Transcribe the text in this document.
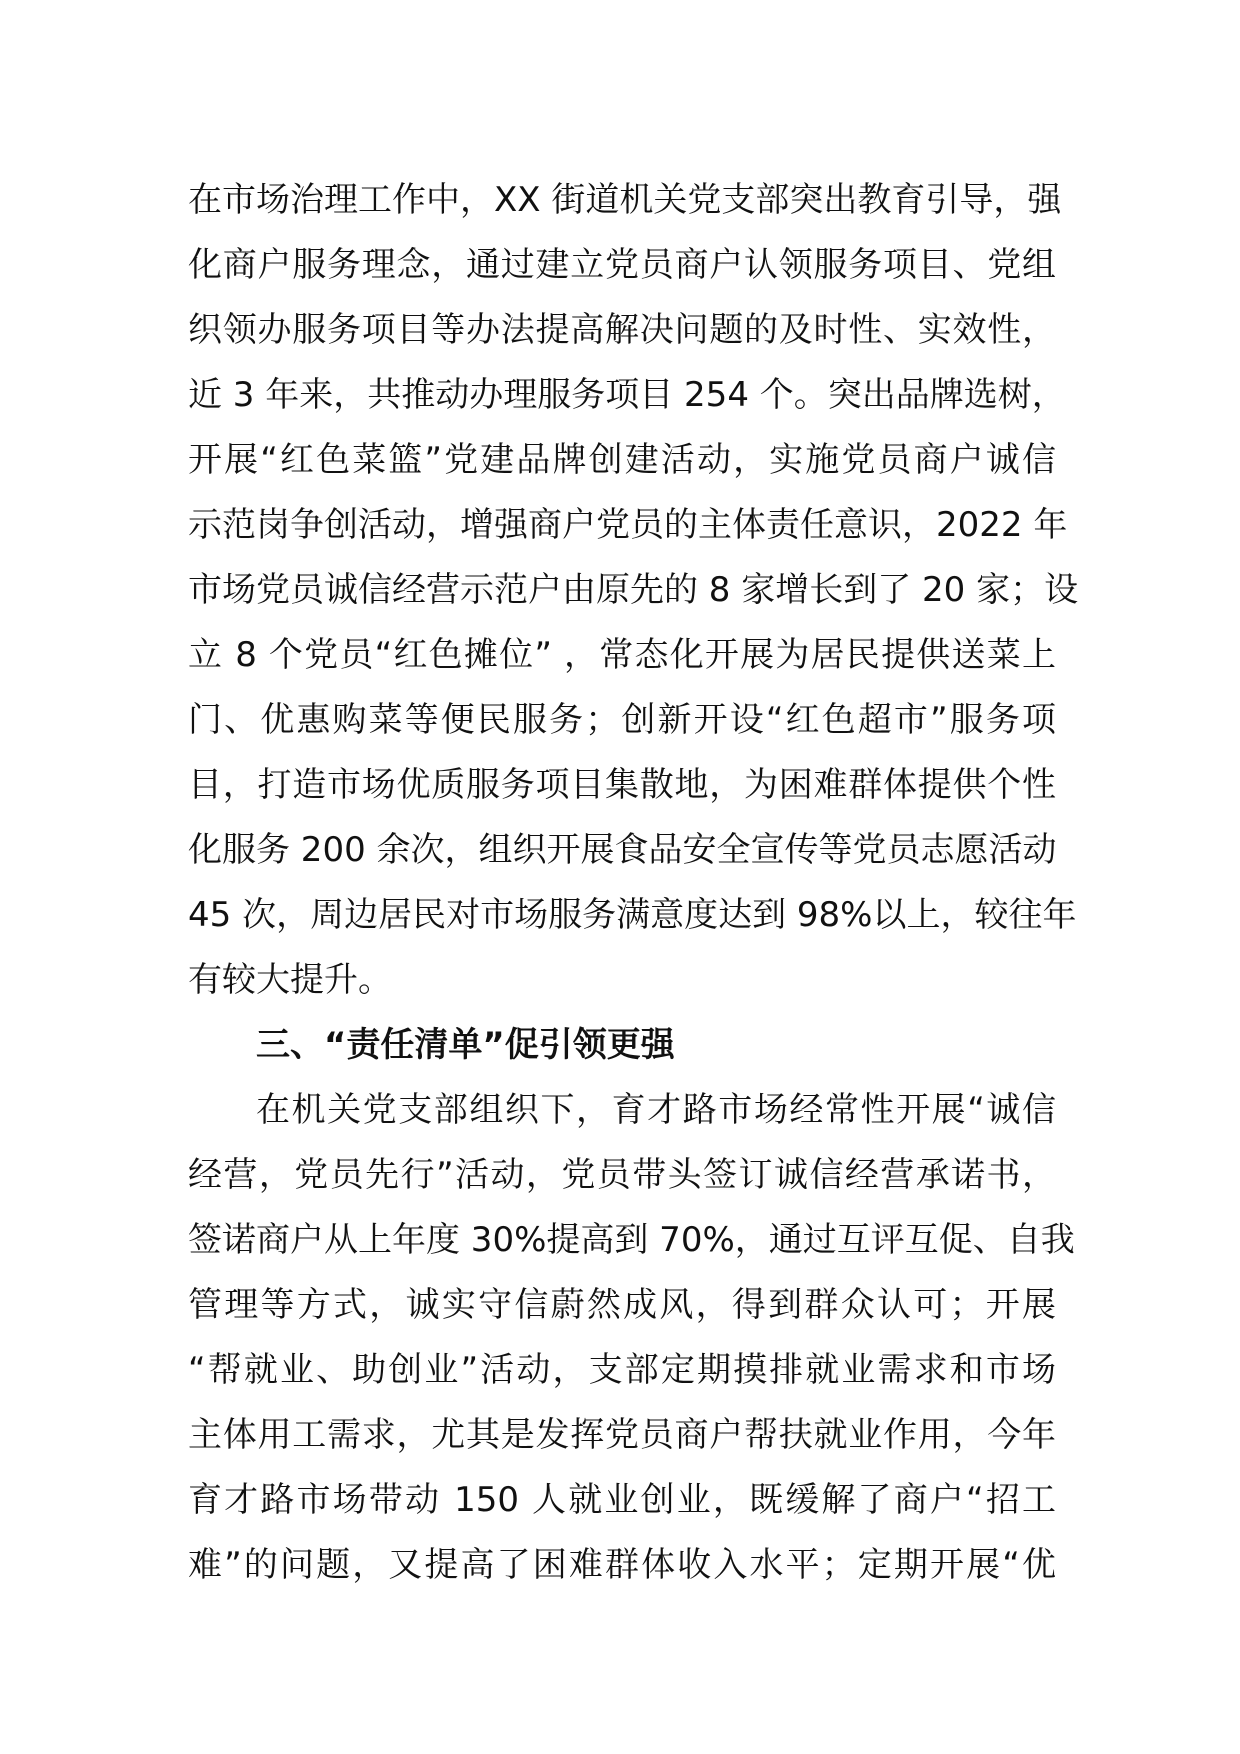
在市场治理工作中，XX 街道机关党支部突出教育引导，强
化商户服务理念，通过建立党员商户认领服务项目、党组
织领办服务项目等办法提高解决问题的及时性、实效性，
近 3 年来，共推动办理服务项目 254 个。突出品牌选树，
开展“红色菜篮”党建品牌创建活动，实施党员商户诚信
示范岗争创活动，增强商户党员的主体责任意识，2022 年
市场党员诚信经营示范户由原先的 8 家增长到了 20 家；设
立 8 个党员“红色摊位” ，常态化开展为居民提供送菜上
门、优惠购菜等便民服务；创新开设“红色超市”服务项
目，打造市场优质服务项目集散地，为困难群体提供个性
化服务 200 余次，组织开展食品安全宣传等党员志愿活动
45 次，周边居民对市场服务满意度达到 98%以上，较往年
有较大提升。
三、“责任清单”促引领更强
在机关党支部组织下，育才路市场经常性开展“诚信
经营，党员先行”活动，党员带头签订诚信经营承诺书，
签诺商户从上年度 30%提高到 70%，通过互评互促、自我
管理等方式，诚实守信蔚然成风，得到群众认可；开展
“帮就业、助创业”活动，支部定期摸排就业需求和市场
主体用工需求，尤其是发挥党员商户帮扶就业作用，今年
育才路市场带动 150 人就业创业，既缓解了商户“招工
难”的问题，又提高了困难群体收入水平；定期开展“优
